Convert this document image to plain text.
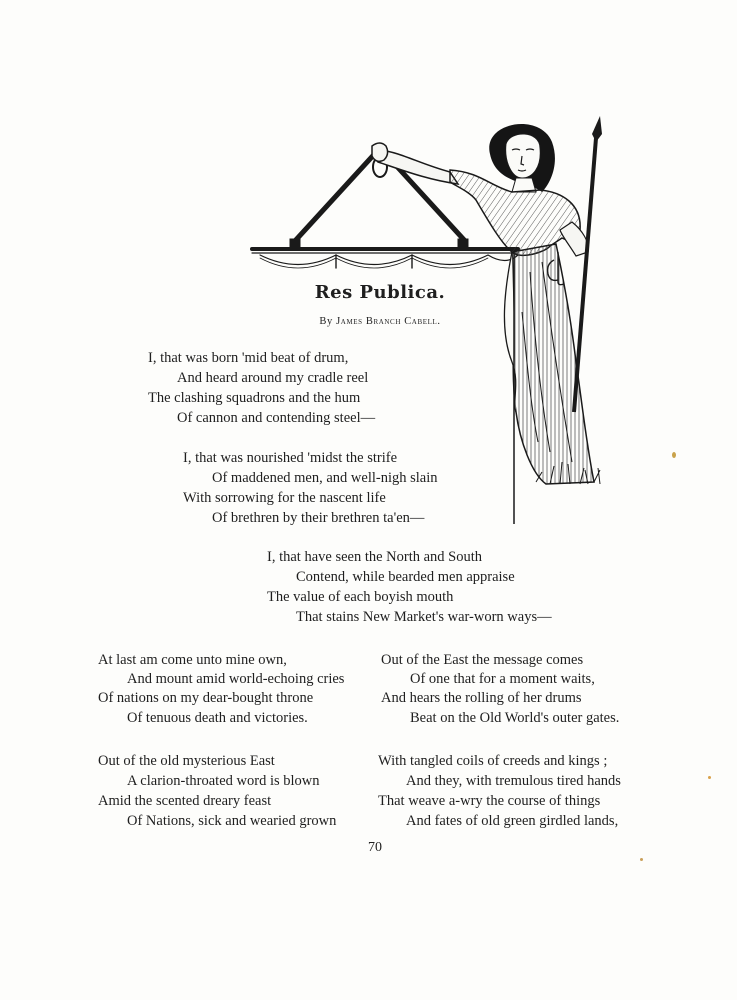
Res Publica.
By James Branch Cabell.
I, that was born 'mid beat of drum,
And heard around my cradle reel
The clashing squadrons and the hum
Of cannon and contending steel—
I, that was nourished 'midst the strife
Of maddened men, and well-nigh slain
With sorrowing for the nascent life
Of brethren by their brethren ta'en—
I, that have seen the North and South
Contend, while bearded men appraise
The value of each boyish mouth
That stains New Market's war-worn ways—
At last am come unto mine own,
And mount amid world-echoing cries
Of nations on my dear-bought throne
Of tenuous death and victories.
Out of the old mysterious East
A clarion-throated word is blown
Amid the scented dreary feast
Of Nations, sick and wearied grown
Out of the East the message comes
Of one that for a moment waits,
And hears the rolling of her drums
Beat on the Old World's outer gates.
With tangled coils of creeds and kings ;
And they, with tremulous tired hands
That weave a-wry the course of things
And fates of old green girdled lands,
70
